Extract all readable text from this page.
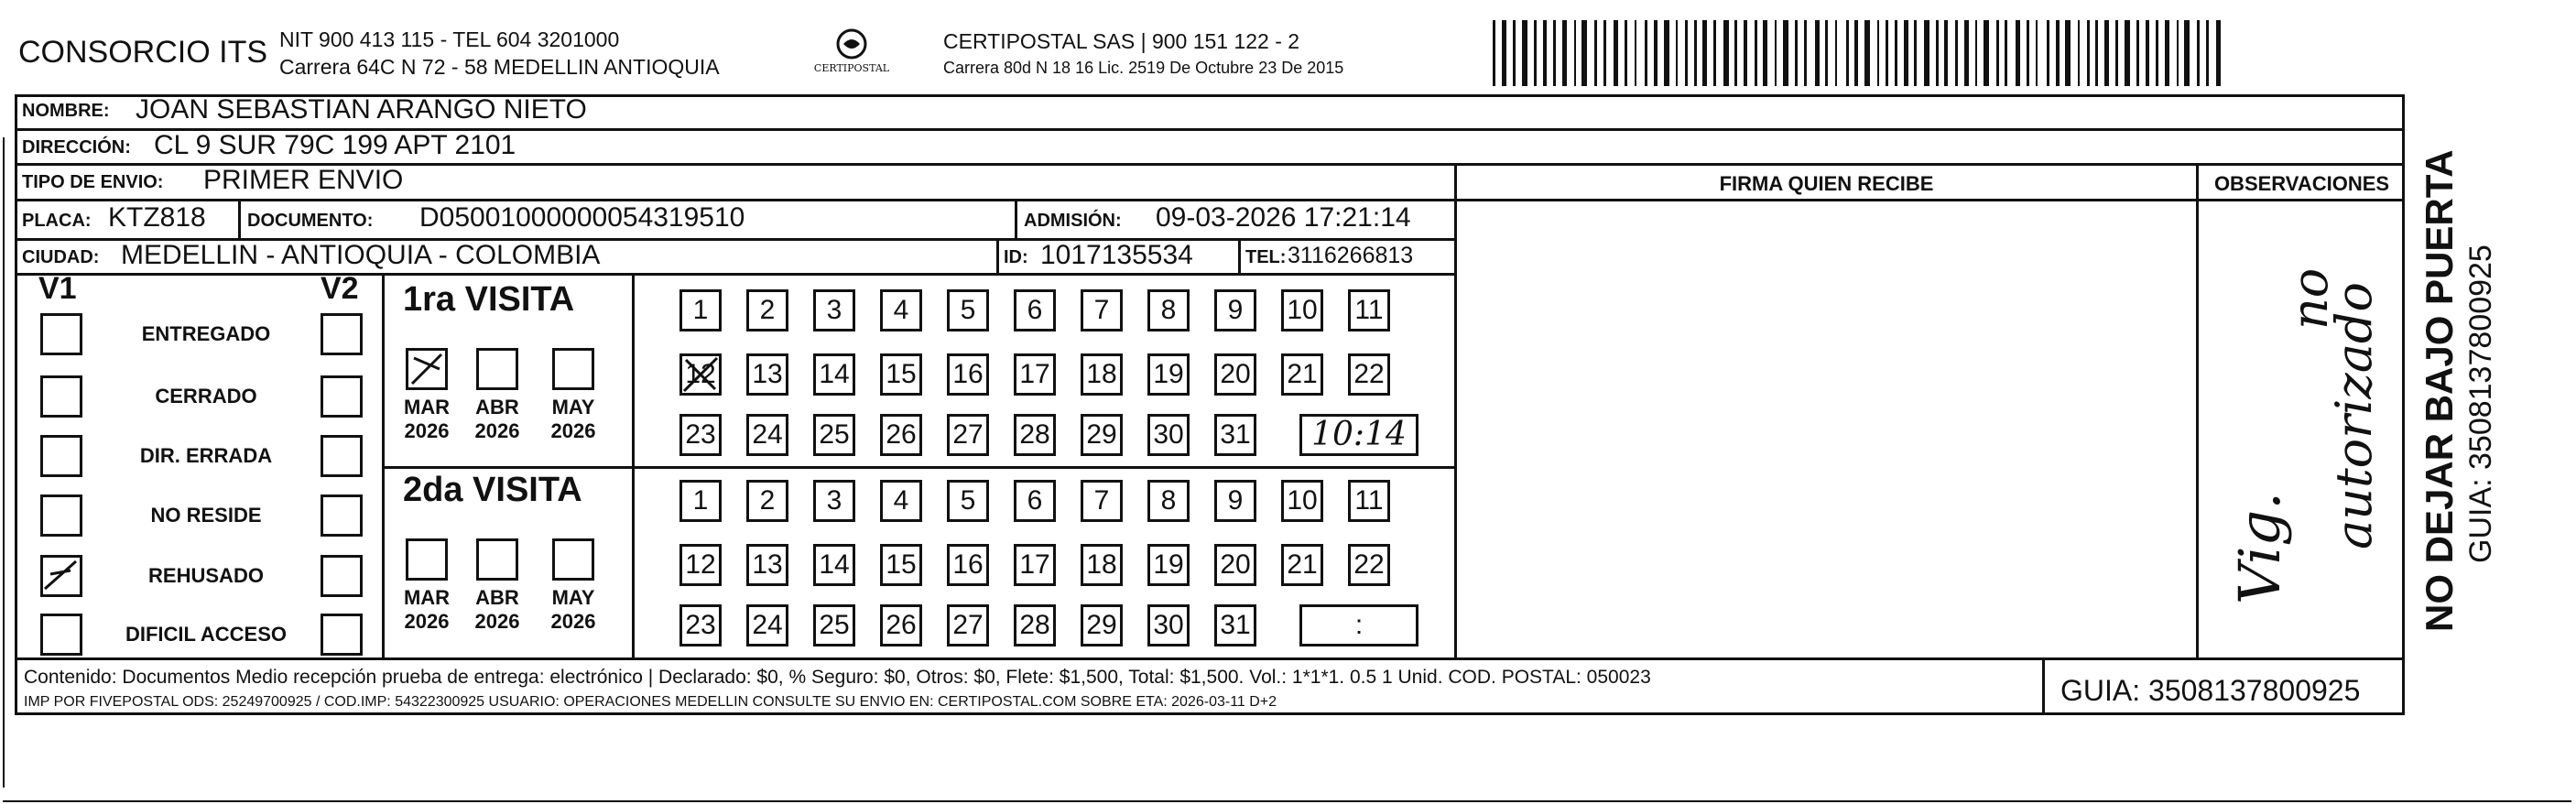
CONSORCIO ITS NIT 900 413 115 - TEL 604 3201000
Carrera 64C N 72 - 58 MEDELLIN ANTIOQUIA	CERTIPOSTAL
CERTIPOSTAL SAS | 900 151 122 - 2
Carrera 80d N 18 16 Lic. 2519 De Octubre 23 De 2015
NOMBRE: JOAN SEBASTIAN ARANGO NIETO
DIRECCIÓN: CL 9 SUR 79C 199 APT 2101
TIPO DE ENVIO: PRIMER ENVIO
PLACA: KTZ818 DOCUMENTO: D05001000000054319510	ADMISIÓN: 09-03-2026 17:21:14
CIUDAD: MEDELLIN - ANTIOQUIA - COLOMBIA	ID: 1017135534	TEL: 3116266813
FIRMA QUIEN RECIBE	OBSERVACIONES
Vig.
no
autorizado
V1	V2
ENTREGADO
CERRADO
DIR. ERRADA
NO RESIDE
REHUSADO
DIFICIL ACCESO
1ra VISITA
2da VISITA
MAR
2026
ABR
2026
MAY
2026
1	2	3	4	5	6	7	8	9	10 11
12 13 14 15 16 17 18 19 20 21 22
23 24 25 26 27 28 29 30 31	10:14
MAR
2026
ABR
2026
MAY
2026
1	2	3	4	5	6	7	8	9	10 11
12 13 14 15 16 17 18 19 20 21 22
23 24 25 26 27 28 29 30 31	:
Contenido: Documentos Medio recepción prueba de entrega: electrónico | Declarado: $0, % Seguro: $0, Otros: $0, Flete: $1,500, Total: $1,500. Vol.: 1*1*1. 0.5 1 Unid. COD. POSTAL: 050023
IMP POR FIVEPOSTAL ODS: 25249700925 / COD.IMP: 54322300925 USUARIO: OPERACIONES MEDELLIN CONSULTE SU ENVIO EN: CERTIPOSTAL.COM SOBRE ETA: 2026-03-11 D+2	GUIA: 3508137800925
NO DEJAR BAJO PUERTA GUIA: 3508137800925
